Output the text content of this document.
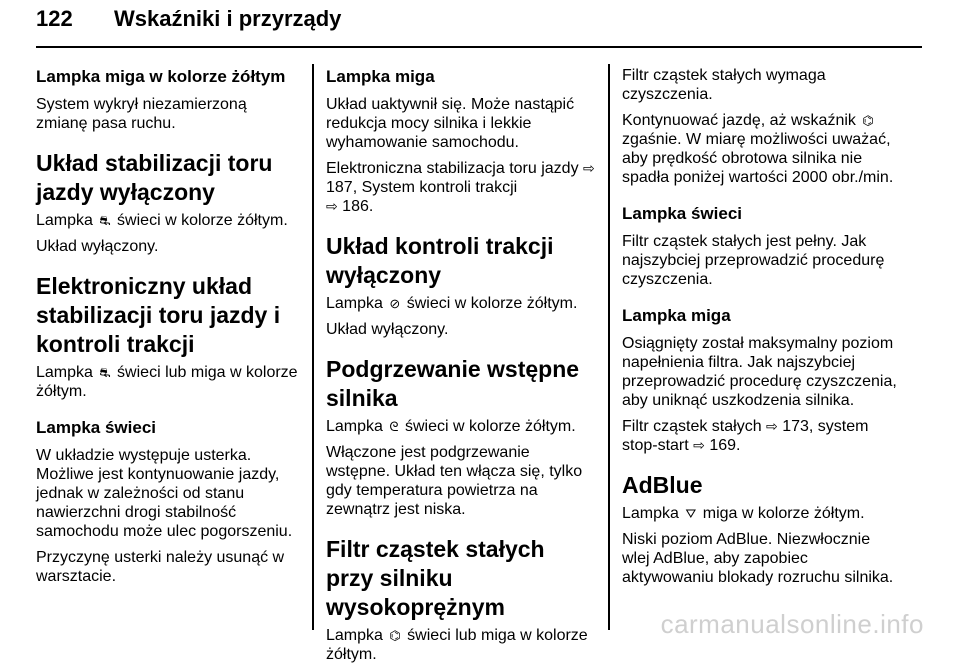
122 Wskaźniki i przyrządy
Lampka miga w kolorze żółtym
System wykrył niezamierzoną zmianę pasa ruchu.
Układ stabilizacji toru jazdy wyłączony
Lampka ⛐ świeci w kolorze żółtym.
Układ wyłączony.
Elektroniczny układ stabilizacji toru jazdy i kontroli trakcji
Lampka ⛐ świeci lub miga w kolorze żółtym.
Lampka świeci
W układzie występuje usterka. Możliwe jest kontynuowanie jazdy, jednak w zależności od stanu nawierzchni drogi stabilność samochodu może ulec pogorszeniu.
Przyczynę usterki należy usunąć w warsztacie.
Lampka miga
Układ uaktywnił się. Może nastąpić redukcja mocy silnika i lekkie wyhamowanie samochodu.
Elektroniczna stabilizacja toru jazdy ⇨ 187, System kontroli trakcji
⇨ 186.
Układ kontroli trakcji wyłączony
Lampka ⊘ świeci w kolorze żółtym.
Układ wyłączony.
Podgrzewanie wstępne silnika
Lampka ᘓ świeci w kolorze żółtym.
Włączone jest podgrzewanie wstępne. Układ ten włącza się, tylko gdy temperatura powietrza na zewnątrz jest niska.
Filtr cząstek stałych przy silniku wysokoprężnym
Lampka ⌬ świeci lub miga w kolorze żółtym.
Filtr cząstek stałych wymaga czyszczenia.
Kontynuować jazdę, aż wskaźnik ⌬ zgaśnie. W miarę możliwości uważać, aby prędkość obrotowa silnika nie spadła poniżej wartości 2000 obr./min.
Lampka świeci
Filtr cząstek stałych jest pełny. Jak najszybciej przeprowadzić procedurę czyszczenia.
Lampka miga
Osiągnięty został maksymalny poziom napełnienia filtra. Jak najszybciej przeprowadzić procedurę czyszczenia, aby uniknąć uszkodzenia silnika.
Filtr cząstek stałych ⇨ 173, system stop-start ⇨ 169.
AdBlue
Lampka ⛛ miga w kolorze żółtym.
Niski poziom AdBlue. Niezwłocznie wlej AdBlue, aby zapobiec aktywowaniu blokady rozruchu silnika.
carmanualsonline.info
